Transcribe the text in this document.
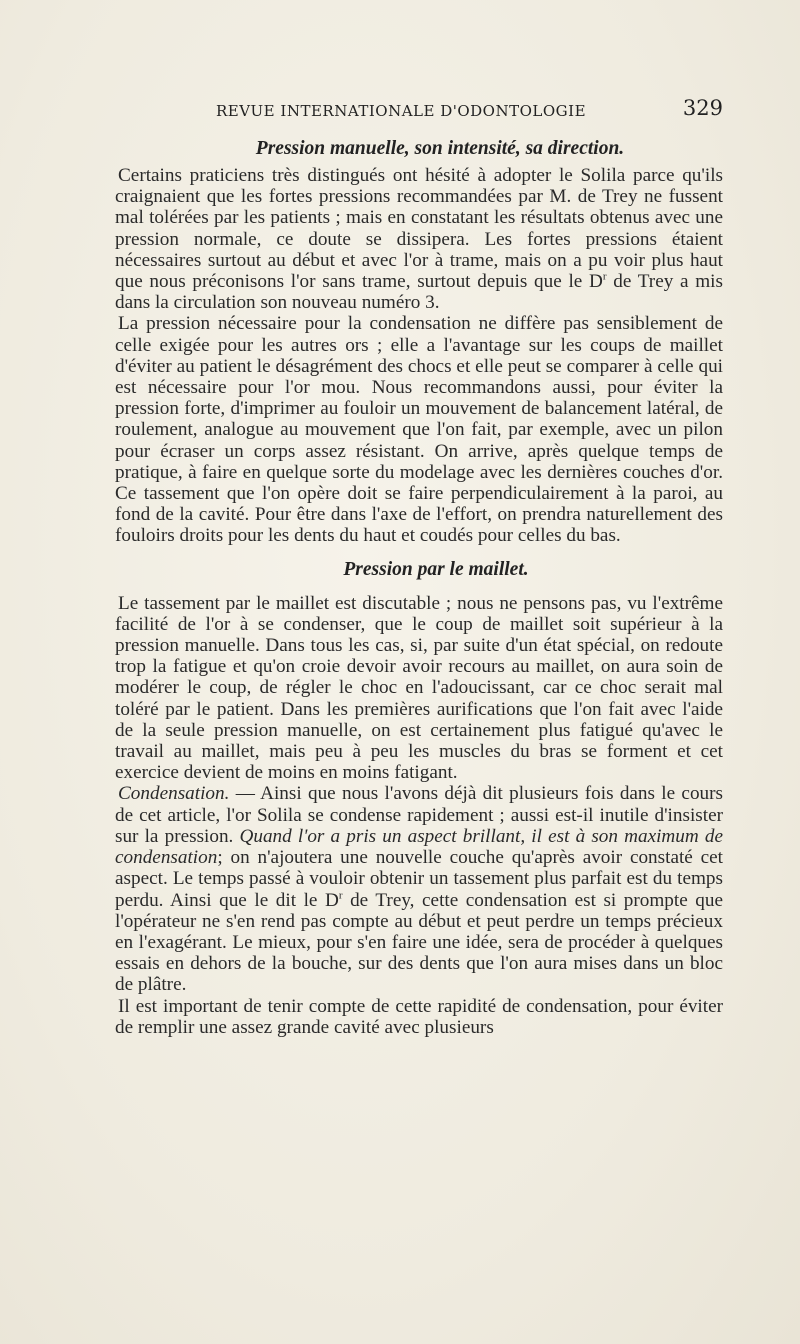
REVUE INTERNATIONALE D'ODONTOLOGIE	329
Pression manuelle, son intensité, sa direction.

Certains praticiens très distingués ont hésité à adopter le Solila parce qu'ils craignaient que les fortes pressions recommandées par M. de Trey ne fussent mal tolérées par les patients ; mais en constatant les résultats obtenus avec une pression normale, ce doute se dissipera. Les fortes pressions étaient nécessaires surtout au début et avec l'or à trame, mais on a pu voir plus haut que nous préconisons l'or sans trame, surtout depuis que le $D^r$ de Trey a mis dans la circulation son nouveau numéro 3.

La pression nécessaire pour la condensation ne diffère pas sensiblement de celle exigée pour les autres ors ; elle a l'avantage sur les coups de maillet d'éviter au patient le désagrément des chocs et elle peut se comparer à celle qui est nécessaire pour l'or mou. Nous recommandons aussi, pour éviter la pression forte, d'imprimer au fouloir un mouvement de balancement latéral, de roulement, analogue au mouvement que l'on fait, par exemple, avec un pilon pour écraser un corps assez résistant. On arrive, après quelque temps de pratique, à faire en quelque sorte du modelage avec les dernières couches d'or. Ce tassement que l'on opère doit se faire perpendiculairement à la paroi, au fond de la cavité. Pour être dans l'axe de l'effort, on prendra naturellement des fouloirs droits pour les dents du haut et coudés pour celles du bas.

Pression par le maillet.

Le tassement par le maillet est discutable ; nous ne pensons pas, vu l'extrême facilité de l'or à se condenser, que le coup de maillet soit supérieur à la pression manuelle. Dans tous les cas, si, par suite d'un état spécial, on redoute trop la fatigue et qu'on croie devoir avoir recours au maillet, on aura soin de modérer le coup, de régler le choc en l'adoucissant, car ce choc serait mal toléré par le patient. Dans les premières aurifications que l'on fait avec l'aide de la seule pression manuelle, on est certainement plus fatigué qu'avec le travail au maillet, mais peu à peu les muscles du bras se forment et cet exercice devient de moins en moins fatigant.

Condensation. — Ainsi que nous l'avons déjà dit plusieurs fois dans le cours de cet article, l'or Solila se condense rapidement ; aussi est-il inutile d'insister sur la pression. Quand l'or a pris un aspect brillant, il est à son maximum de condensation; on n'ajoutera une nouvelle couche qu'après avoir constaté cet aspect. Le temps passé à vouloir obtenir un tassement plus parfait est du temps perdu. Ainsi que le dit le $D^r$ de Trey, cette condensation est si prompte que l'opérateur ne s'en rend pas compte au début et peut perdre un temps précieux en l'exagérant. Le mieux, pour s'en faire une idée, sera de procéder à quelques essais en dehors de la bouche, sur des dents que l'on aura mises dans un bloc de plâtre.

Il est important de tenir compte de cette rapidité de condensation, pour éviter de remplir une assez grande cavité avec plusieurs
